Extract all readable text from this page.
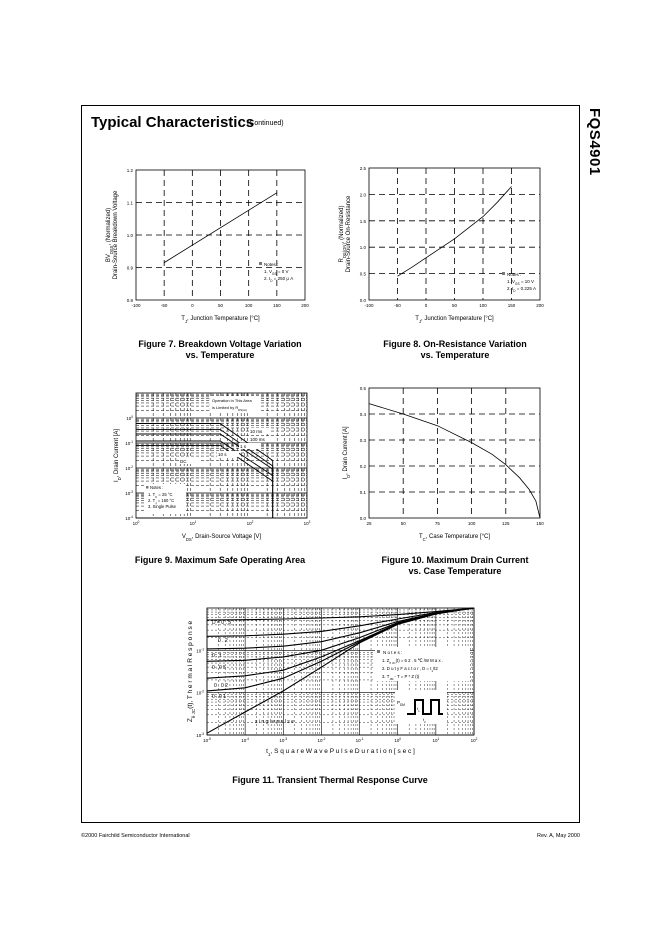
FQS4901
Typical Characteristics
(Continued)
0.8
0.9
1.0
1.1
1.2
-100	-50	0	50	100	150	200
$T_J$, Junction Temperature [°C]
$BV_{DSS}$, (Normalized) Drain-Source Breakdown Voltage	Notes :
1. $V_{GS} = 0$ V
2. $I_D = 250$ μ A
0.0
0.5
1.0
1.5
2.0
2.5
-100	-50	0	50	100	150	200
$T_J$, Junction Temperature [°C]
$R_{DS(ON)}$, (Normalized) Drain-Source On-Resistance
Notes :
1. $V_{GS} = 10$ V
2. $I_D = 0.225$ A
$10^{-4}$
$10^{-3}$
$10^{-2}$
$10^{-1}$
$10^0$
$10^0$	$10^1$	$10^2$	$10^3$
10 ms
100 ms
1 s
10 s
DC
Operation in This Area
is Limited by $R_{DS(on)}$
Notes :
1. $T_C = 25$ °C
2. $T_J = 150$ °C
3. Single Pulse
$V_{DS}$, Drain-Source Voltage [V]
$I_D$, Drain Current [A]
0.0
0.1
0.2
0.3
0.4
0.5
25	50	75	100	125	150
$T_C$, Case Temperature [°C]
$I_D$, Drain Current [A]
$10^{-3}$
$10^{-2}$
$10^{-1}$
$10^{-5}$	$10^{-4}$	$10^{-3}$	$10^{-2}$	$10^{-1}$	$10^0$	$10^1$	$10^2$
D = 0 . 5
0 . 2
0 . 1
0 . 0 5
0 . 0 2
0 . 0 1
s i n g l e p u l s e
N o t e s :
1. $Z_{\theta JC}(t) = 6$ 2 . 5 ℃ /W M a x .
2. D u t y F a c t o r , $D = t_1/t2$
3. $T_{JM} - T = P * Z$ (t)
$P_{DM}$
$t_1$
$t_2$
$t_1$, S q u a r e W a v e P u l s e D u r a t i o n [ s e c ]
$Z_{\theta JC}(t)$, T h e r m a l R e s p o n s e
Figure 7. Breakdown Voltage Variation
vs. Temperature
Figure 8. On-Resistance Variation
vs. Temperature
Figure 9. Maximum Safe Operating Area	Figure 10. Maximum Drain Current
vs. Case Temperature
Figure 11. Transient Thermal Response Curve
©2000 Fairchild Semiconductor International	Rev. A, May 2000
